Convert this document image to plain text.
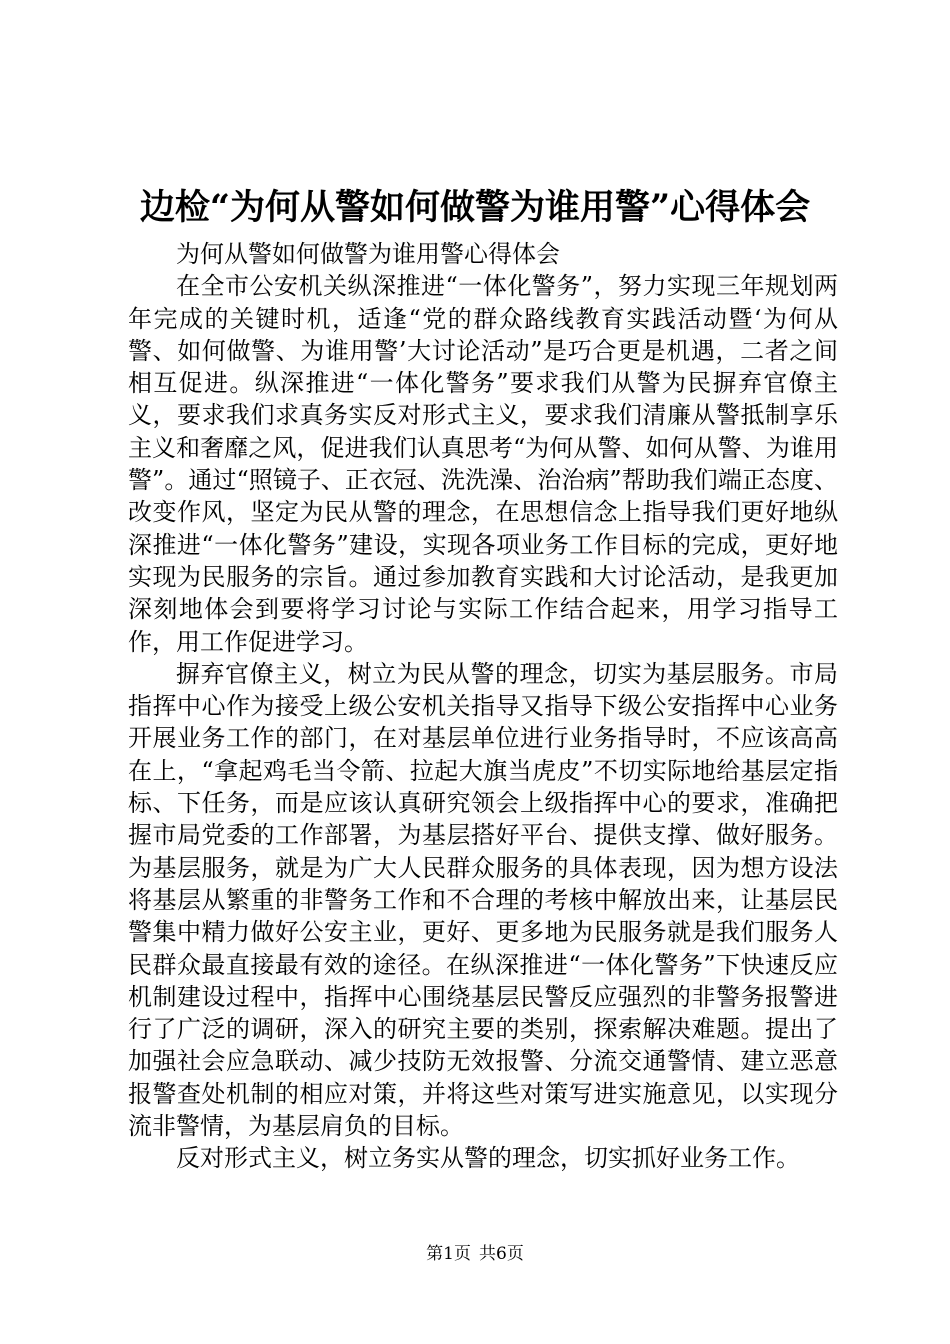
边检“为何从警如何做警为谁用警”心得体会

为何从警如何做警为谁用警心得体会

在全市公安机关纵深推进“一体化警务”，努力实现三年规划两年完成的关键时机，适逢“党的群众路线教育实践活动暨‘为何从警、如何做警、为谁用警’大讨论活动”是巧合更是机遇，二者之间相互促进。纵深推进“一体化警务”要求我们从警为民摒弃官僚主义，要求我们求真务实反对形式主义，要求我们清廉从警抵制享乐主义和奢靡之风，促进我们认真思考“为何从警、如何从警、为谁用警”。通过“照镜子、正衣冠、洗洗澡、治治病”帮助我们端正态度、改变作风，坚定为民从警的理念，在思想信念上指导我们更好地纵深推进“一体化警务”建设，实现各项业务工作目标的完成，更好地实现为民服务的宗旨。通过参加教育实践和大讨论活动，是我更加深刻地体会到要将学习讨论与实际工作结合起来，用学习指导工作，用工作促进学习。

摒弃官僚主义，树立为民从警的理念，切实为基层服务。市局指挥中心作为接受上级公安机关指导又指导下级公安指挥中心业务开展业务工作的部门，在对基层单位进行业务指导时，不应该高高在上，“拿起鸡毛当令箭、拉起大旗当虎皮”不切实际地给基层定指标、下任务，而是应该认真研究领会上级指挥中心的要求，准确把握市局党委的工作部署，为基层搭好平台、提供支撑、做好服务。为基层服务，就是为广大人民群众服务的具体表现，因为想方设法将基层从繁重的非警务工作和不合理的考核中解放出来，让基层民警集中精力做好公安主业，更好、更多地为民服务就是我们服务人民群众最直接最有效的途径。在纵深推进“一体化警务”下快速反应机制建设过程中，指挥中心围绕基层民警反应强烈的非警务报警进行了广泛的调研，深入的研究主要的类别，探索解决难题。提出了加强社会应急联动、减少技防无效报警、分流交通警情、建立恶意报警查处机制的相应对策，并将这些对策写进实施意见，以实现分流非警情，为基层肩负的目标。

反对形式主义，树立务实从警的理念，切实抓好业务工作。

第1页 共6页
